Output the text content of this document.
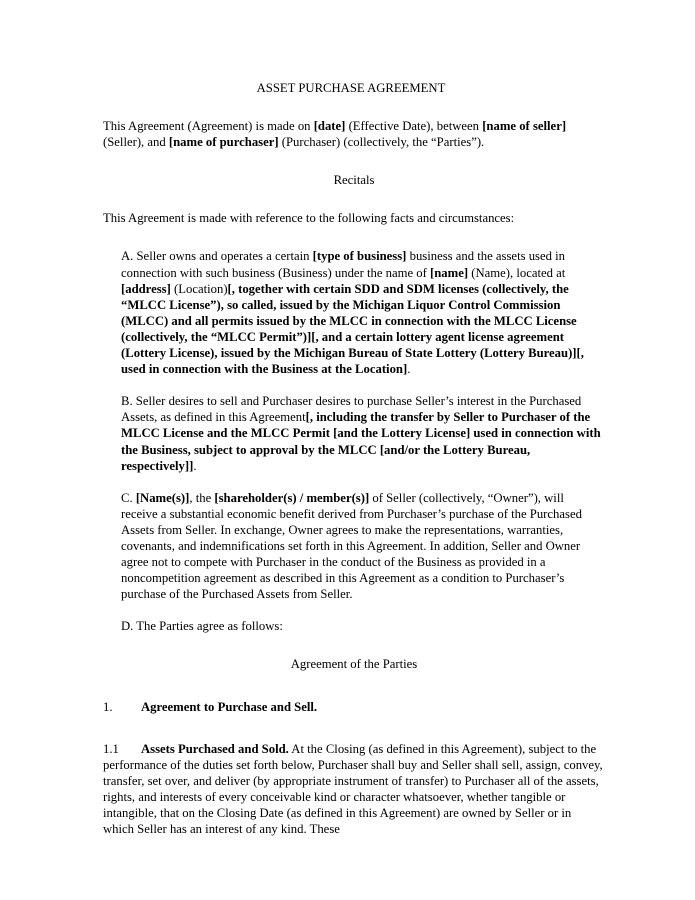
ASSET PURCHASE AGREEMENT

This Agreement (Agreement) is made on [date] (Effective Date), between [name of seller] (Seller), and [name of purchaser] (Purchaser) (collectively, the “Parties”).

Recitals

This Agreement is made with reference to the following facts and circumstances:

A. Seller owns and operates a certain [type of business] business and the assets used in connection with such business (Business) under the name of [name] (Name), located at [address] (Location)[, together with certain SDD and SDM licenses (collectively, the “MLCC License”), so called, issued by the Michigan Liquor Control Commission (MLCC) and all permits issued by the MLCC in connection with the MLCC License (collectively, the “MLCC Permit”)][, and a certain lottery agent license agreement (Lottery License), issued by the Michigan Bureau of State Lottery (Lottery Bureau)][, used in connection with the Business at the Location].

B. Seller desires to sell and Purchaser desires to purchase Seller’s interest in the Purchased Assets, as defined in this Agreement[, including the transfer by Seller to Purchaser of the MLCC License and the MLCC Permit [and the Lottery License] used in connection with the Business, subject to approval by the MLCC [and/or the Lottery Bureau, respectively]].

C. [Name(s)], the [shareholder(s) / member(s)] of Seller (collectively, “Owner”), will receive a substantial economic benefit derived from Purchaser’s purchase of the Purchased Assets from Seller. In exchange, Owner agrees to make the representations, warranties, covenants, and indemnifications set forth in this Agreement. In addition, Seller and Owner agree not to compete with Purchaser in the conduct of the Business as provided in a noncompetition agreement as described in this Agreement as a condition to Purchaser’s purchase of the Purchased Assets from Seller.

D. The Parties agree as follows:

Agreement of the Parties

1. Agreement to Purchase and Sell.

1.1 Assets Purchased and Sold. At the Closing (as defined in this Agreement), subject to the performance of the duties set forth below, Purchaser shall buy and Seller shall sell, assign, convey, transfer, set over, and deliver (by appropriate instrument of transfer) to Purchaser all of the assets, rights, and interests of every conceivable kind or character whatsoever, whether tangible or intangible, that on the Closing Date (as defined in this Agreement) are owned by Seller or in which Seller has an interest of any kind. These
